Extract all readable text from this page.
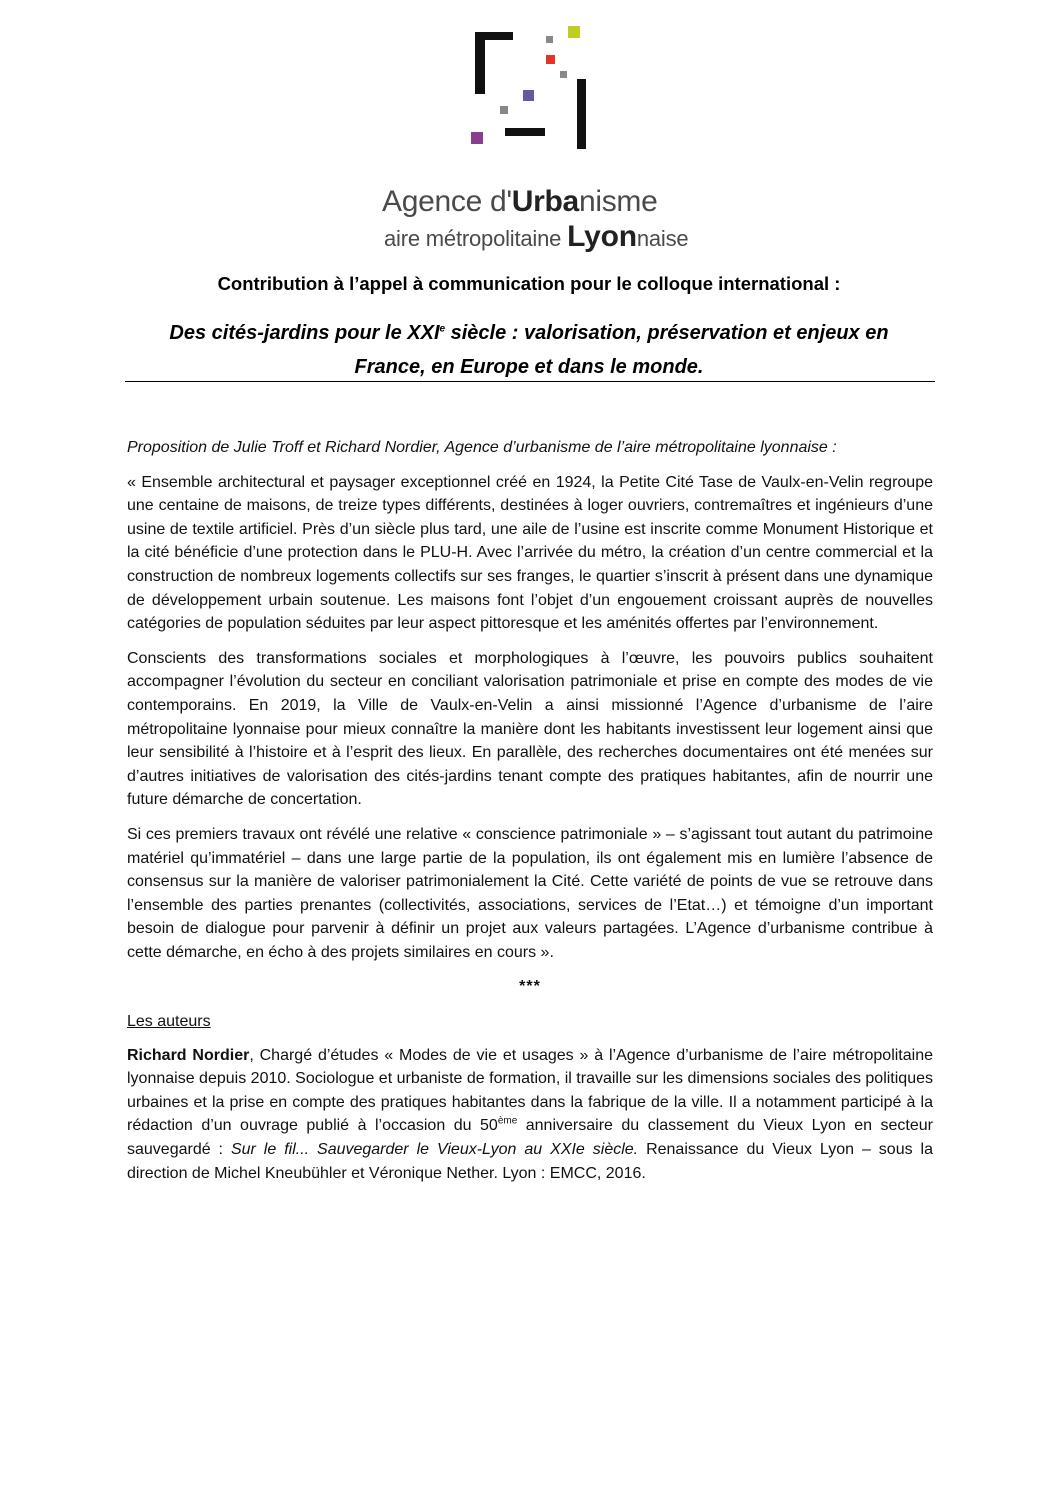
Agence d'Urbanisme
aire métropolitaine Lyonnaise
Contribution à l’appel à communication pour le colloque international :
Des cités-jardins pour le XXIe siècle : valorisation, préservation et enjeux en France, en Europe et dans le monde.

Proposition de Julie Troff et Richard Nordier, Agence d’urbanisme de l’aire métropolitaine lyonnaise :

« Ensemble architectural et paysager exceptionnel créé en 1924, la Petite Cité Tase de Vaulx-en-Velin regroupe une centaine de maisons, de treize types différents, destinées à loger ouvriers, contremaîtres et ingénieurs d’une usine de textile artificiel. Près d’un siècle plus tard, une aile de l’usine est inscrite comme Monument Historique et la cité bénéficie d’une protection dans le PLU-H. Avec l’arrivée du métro, la création d’un centre commercial et la construction de nombreux logements collectifs sur ses franges, le quartier s’inscrit à présent dans une dynamique de développement urbain soutenue. Les maisons font l’objet d’un engouement croissant auprès de nouvelles catégories de population séduites par leur aspect pittoresque et les aménités offertes par l’environnement.

Conscients des transformations sociales et morphologiques à l’œuvre, les pouvoirs publics souhaitent accompagner l’évolution du secteur en conciliant valorisation patrimoniale et prise en compte des modes de vie contemporains. En 2019, la Ville de Vaulx-en-Velin a ainsi missionné l’Agence d’urbanisme de l’aire métropolitaine lyonnaise pour mieux connaître la manière dont les habitants investissent leur logement ainsi que leur sensibilité à l’histoire et à l’esprit des lieux. En parallèle, des recherches documentaires ont été menées sur d’autres initiatives de valorisation des cités-jardins tenant compte des pratiques habitantes, afin de nourrir une future démarche de concertation.

Si ces premiers travaux ont révélé une relative « conscience patrimoniale » – s’agissant tout autant du patrimoine matériel qu’immatériel – dans une large partie de la population, ils ont également mis en lumière l’absence de consensus sur la manière de valoriser patrimonialement la Cité. Cette variété de points de vue se retrouve dans l’ensemble des parties prenantes (collectivités, associations, services de l’Etat…) et témoigne d’un important besoin de dialogue pour parvenir à définir un projet aux valeurs partagées. L’Agence d’urbanisme contribue à cette démarche, en écho à des projets similaires en cours ».

***

Les auteurs

Richard Nordier, Chargé d’études « Modes de vie et usages » à l’Agence d’urbanisme de l’aire métropolitaine lyonnaise depuis 2010. Sociologue et urbaniste de formation, il travaille sur les dimensions sociales des politiques urbaines et la prise en compte des pratiques habitantes dans la fabrique de la ville. Il a notamment participé à la rédaction d’un ouvrage publié à l’occasion du 50ème anniversaire du classement du Vieux Lyon en secteur sauvegardé : Sur le fil... Sauvegarder le Vieux-Lyon au XXIe siècle. Renaissance du Vieux Lyon – sous la direction de Michel Kneubühler et Véronique Nether. Lyon : EMCC, 2016.
